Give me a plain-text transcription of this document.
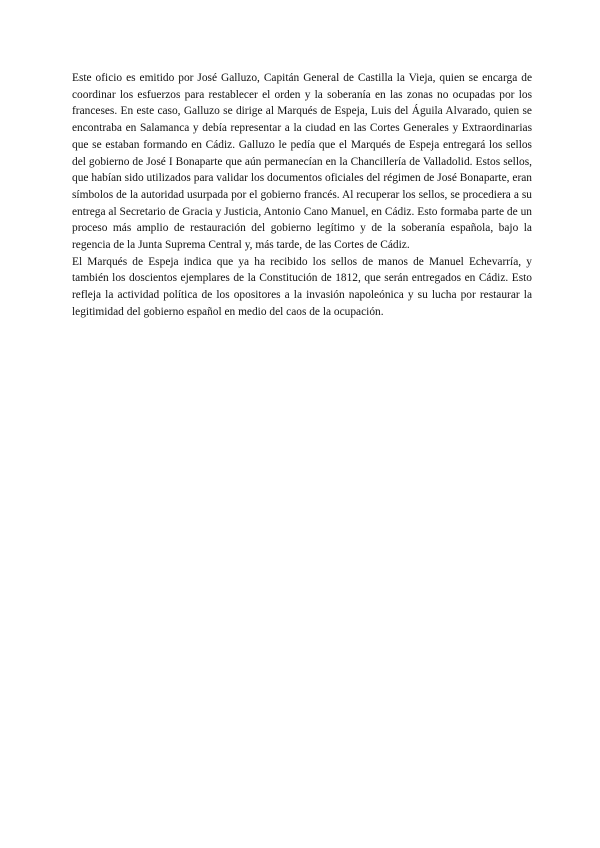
Este oficio es emitido por José Galluzo, Capitán General de Castilla la Vieja, quien se encarga de coordinar los esfuerzos para restablecer el orden y la soberanía en las zonas no ocupadas por los franceses. En este caso, Galluzo se dirige al Marqués de Espeja, Luis del Águila Alvarado, quien se encontraba en Salamanca y debía representar a la ciudad en las Cortes Generales y Extraordinarias que se estaban formando en Cádiz. Galluzo le pedía que el Marqués de Espeja entregará los sellos del gobierno de José I Bonaparte que aún permanecían en la Chancillería de Valladolid. Estos sellos, que habían sido utilizados para validar los documentos oficiales del régimen de José Bonaparte, eran símbolos de la autoridad usurpada por el gobierno francés. Al recuperar los sellos, se procediera a su entrega al Secretario de Gracia y Justicia, Antonio Cano Manuel, en Cádiz. Esto formaba parte de un proceso más amplio de restauración del gobierno legítimo y de la soberanía española, bajo la regencia de la Junta Suprema Central y, más tarde, de las Cortes de Cádiz.

El Marqués de Espeja indica que ya ha recibido los sellos de manos de Manuel Echevarría, y también los doscientos ejemplares de la Constitución de 1812, que serán entregados en Cádiz. Esto refleja la actividad política de los opositores a la invasión napoleónica y su lucha por restaurar la legitimidad del gobierno español en medio del caos de la ocupación.
